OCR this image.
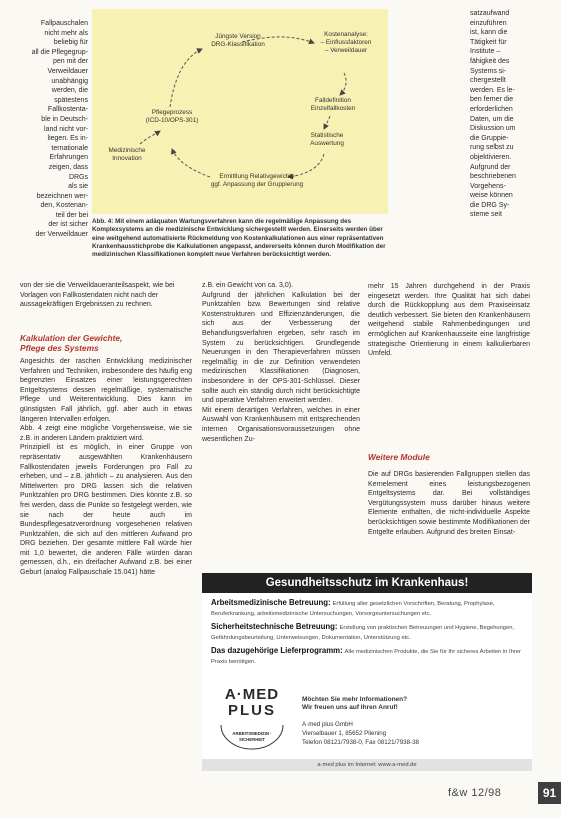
Fallpauschalen
nicht mehr als
beliebig für
all die Pflegegrup-
pen mit der
Verweildauer
unabhängig
werden, die
spätestens
Fallkostenta-
ble in Deutsch-
land nicht vor-
liegen. Es in-
ternationale
Erfahrungen
zeigen, dass
DRGs
als sie
bezeichnen wer-
den, Kostenan-
teil der bei
der ist sicher
der Verweildauer
Jüngste Version
DRG-Klassifikation
Kostenanalyse:
– Einflussfaktoren
– Verweildauer
Falldefinition
Einzelfallkosten
Statistische
Auswertung
Pflegeprozess
(ICD-10/OPS-301)
Medizinische
Innovation
Ermittlung Relativgewichte
ggf. Anpassung der Gruppierung
Abb. 4: Mit einem adäquaten Wartungsverfahren kann die regelmäßige Anpassung des Komplexsystems an die medizinische Entwicklung sichergestellt werden. Einerseits werden über eine weitgehend automatisierte Rückmeldung von Kostenkalkulationen aus einer repräsentativen Krankenhausstichprobe die Kalkulationen angepasst, andererseits können durch Modifikation der medizinischen Klassifikationen komplett neue Verfahren berücksichtigt werden.
von der sie die Verweildaueranteilsaspekt, wie bei Vorlagen von Fallkostendaten nicht nach der aussagekräftigen Ergebnissen zu rechnen.
Kalkulation der Gewichte,
Pflege des Systems
Angesichts der raschen Entwicklung medizinischer Verfahren und Techniken, insbesondere des häufig eng begrenzten Einsatzes einer leistungsgerechten Entgeltsystems dessen regelmäßige, systematische Pflege und Weiterentwicklung. Dies kann im günstigsten Fall jährlich, ggf. aber auch in etwas längeren Intervallen erfolgen.
Abb. 4 zeigt eine mögliche Vorgehensweise, wie sie z.B. in anderen Ländern praktiziert wird.
Prinzipiell ist es möglich, in einer Gruppe von repräsentativ ausgewählten Krankenhäusern Fallkostendaten jeweils Forderungen pro Fall zu erheben, und – z.B. jährlich – zu analysieren. Aus den Mittelwerten pro DRG lassen sich die relativen Punktzahlen pro DRG bestimmen. Dies könnte z.B. so frei werden, dass die Punkte so festgelegt werden, wie sie nach der heute auch im Bundespflegesatzverordnung vorgesehenen relativen Punktzahlen, die sich auf den mittleren Aufwand pro DRG beziehen. Der gesamte mittlere Fall würde hier mit 1,0 bewertet, die anderen Fälle würden daran gemessen, d.h., ein dreifacher Aufwand z.B. bei einer Geburt (analog Fallpauschale 15.041) hätte
z.B. ein Gewicht von ca. 3,0).
Aufgrund der jährlichen Kalkulation bei der Punktzahlen bzw. Bewertungen sind relative Kostenstrukturen und Effizienzänderungen, die sich aus der Verbesserung der Behandlungsverfahren ergeben, sehr rasch im System zu berücksichtigen. Grundlegende Neuerungen in den Therapieverfahren müssen regelmäßig in die zur Definition verwendeten medizinischen Klassifikationen (Diagnosen, insbesondere in der OPS-301-Schlüssel. Dieser sollte auch ein ständig durch nicht berücksichtigte und operative Verfahren erweitert werden.
Mit einem derartigen Verfahren, welches in einer Auswahl von Krankenhäusern mit entsprechenden internen Organisationsvoraussetzungen ohne wesentlichen Zu-
satzaufwand
einzuführen
ist, kann die
Tätigkeit für
Institute –
fähigkeit des
Systems si-
chergestellt
werden. Es le-
ben ferner die
erforderlichen
Daten, um die
Diskussion um
die Gruppie-
rung selbst zu
objektivieren.
Aufgrund der
beschriebenen
Vorgehens-
weise können
die DRG Sy-
steme seit
mehr 15 Jahren durchgehend in der Praxis eingesetzt werden. Ihre Qualität hat sich dabei durch die Rückkopplung aus dem Praxiseinsatz deutlich verbessert. Sie bieten den Krankenhäusern weitgehend stabile Rahmenbedingungen und ermöglichen auf Krankenhausseite eine langfristige strategische Orientierung in einem kalkulierbaren Umfeld.
Weitere Module
Die auf DRGs basierenden Fallgruppen stellen das Kernelement eines leistungsbezogenen Entgeltsystems dar. Bei vollständiges Vergütungssystem muss darüber hinaus weitere Elemente enthalten, die nicht-individuelle Aspekte berücksichtigen sowie bestimmte Modifikationen der Entgelte erlauben. Aufgrund des breiten Einsat-
Gesundheitsschutz im Krankenhaus!
Arbeitsmedizinische Betreuung: Erfüllung aller gesetzlichen Vorschriften, Beratung, Prophylaxe, Beruferkrankung, arbeitsmedizinische Untersuchungen, Vorsorgeuntersuchungen etc.
Sicherheitstechnische Betreuung: Erstellung von praktischen Betreuungen und Hygiene, Begehungen, Gefährdungsbeurteilung, Unterweisungen, Dokumentation, Unterstützung etc.
Das dazugehörige Lieferprogramm: Alle medizinischen Produkte, die Sie für Ihr sicheres Arbeiten in Ihrer Praxis benötigen.
A·MED
PLUS
ARBEITSMEDIZIN · SICHERHEIT

Möchten Sie mehr Informationen?
Wir freuen uns auf Ihren Anruf!

A·med plus GmbH
Vierselbauer 1, 85652 Pliening
Telefon 08121/7938-0, Fax 08121/7938-38

a·med plus im Internet: www.a-med.de
f&w 12/98	91
